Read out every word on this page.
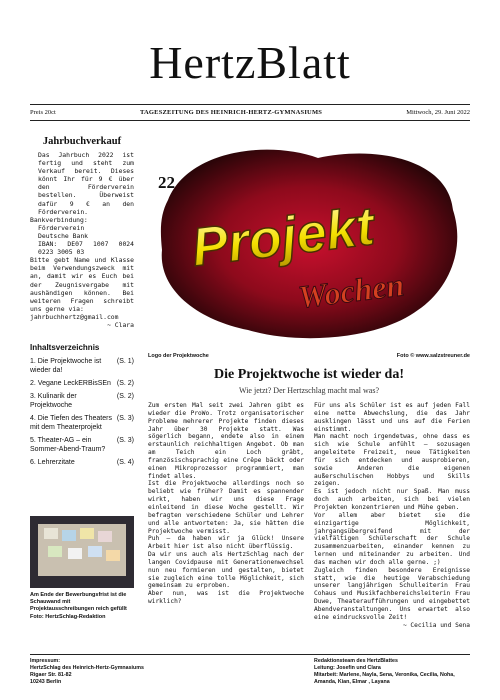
HertzBlatt
Preis 20ct	TAGESZEITUNG DES HEINRICH-HERTZ-GYMNASIUMS	Mittwoch, 29. Juni 2022
Jahrbuchverkauf

Das Jahrbuch 2022 ist fertig und steht zum Verkauf bereit. Dieses könnt Ihr für 9 € über den Förderverein bestellen. Überweist dafür 9 € an den Förderverein.

Bankverbindung:

Förderverein

Deutsche Bank

IBAN: DE07 1007 0024 0223 3005 03

Bitte gebt Name und Klasse beim Verwendungszweck mit an, damit wir es Euch bei der Zeugnisvergabe mit aushändigen können. Bei weiteren Fragen schreibt uns gerne via:

jahrbuchhertz@gmail.com

~ Clara

Inhaltsverzeichnis
1. Die Projektwoche ist wieder da!
(S. 1)
2. Vegane LeckERBisSEn (S. 2)
3. Kulinarik der Projektwoche
(S. 2)
4. Die Tiefen des Theaters mit dem Theaterprojekt
(S. 3)
5. Theater-AG – ein Sommer-Abend-Traum?
(S. 3)
6. Lehrerzitate	(S. 4)
Am Ende der Bewerbungsfrist ist die Schauwand mit Projektausschreibungen reich gefüllt
Foto: HertzSchlag-Redaktion
22
Projekt
Wochen
Logo der Projektwoche	Foto © www.salzstreuner.de
Die Projektwoche ist wieder da!
Wie jetzt? Der Hertzschlag macht mal was?

Zum ersten Mal seit zwei Jahren gibt es wieder die ProWo. Trotz organisatorischer Probleme mehrerer Projekte finden dieses Jahr über 30 Projekte statt. Was sögerlich begann, endete also in einem erstaunlich reichhaltigen Angebot. Ob man am Teich ein Loch gräbt, französischsprachig eine Crêpe bäckt oder einen Mikroprozessor programmiert, man findet alles.

Ist die Projektwoche allerdings noch so beliebt wie früher? Damit es spannender wirkt, haben wir uns diese Frage einleitend in diese Woche gestellt. Wir befragten verschiedene Schüler und Lehrer und alle antworteten: Ja, sie hätten die Projektwoche vermisst.

Puh – da haben wir ja Glück! Unsere Arbeit hier ist also nicht überflüssig.

Da wir uns auch als HertzSchlag nach der langen Covidpause mit Generationenwechsel nun neu formieren und gestalten, bietet sie zugleich eine tolle Möglichkeit, sich gemeinsam zu erproben.

Aber nun, was ist die Projektwoche wirklich?

Für uns als Schüler ist es auf jeden Fall eine nette Abwechslung, die das Jahr ausklingen lässt und uns auf die Ferien einstimmt.

Man macht noch irgendetwas, ohne dass es sich wie Schule anfühlt – sozusagen angeleitete Freizeit, neue Tätigkeiten für sich entdecken und ausprobieren, sowie Anderen die eigenen außerschulischen Hobbys und Skills zeigen.

Es ist jedoch nicht nur Spaß. Man muss doch auch arbeiten, sich bei vielen Projekten konzentrieren und Mühe geben.

Vor allem aber bietet sie die einzigartige Möglichkeit, jahrgangsübergreifend mit der vielfältigen Schülerschaft der Schule zusammenzuarbeiten, einander kennen zu lernen und miteinander zu arbeiten. Und das machen wir doch alle gerne. ;)

Zugleich finden besondere Ereignisse statt, wie die heutige Verabschiedung unserer langjährigen Schulleiterin Frau Cohaus und Musikfachbereichsleiterin Frau Duwe, Theateraufführungen und eingebettet Abendveranstaltungen. Uns erwartet also eine eindrucksvolle Zeit!

~ Cecilia und Sena

Impressum:
HertzSchlag des Heinrich-Hertz-Gymnasiums
Rigaer Str. 81-82
10243 Berlin
Redaktionsteam des HertzBlattes
Leitung: Josefin und Clara
Mitarbeit: Marlene, Nayla, Sena, Veronika, Cecilia, Noha, Amanda, Kian, Elmar , Layana
